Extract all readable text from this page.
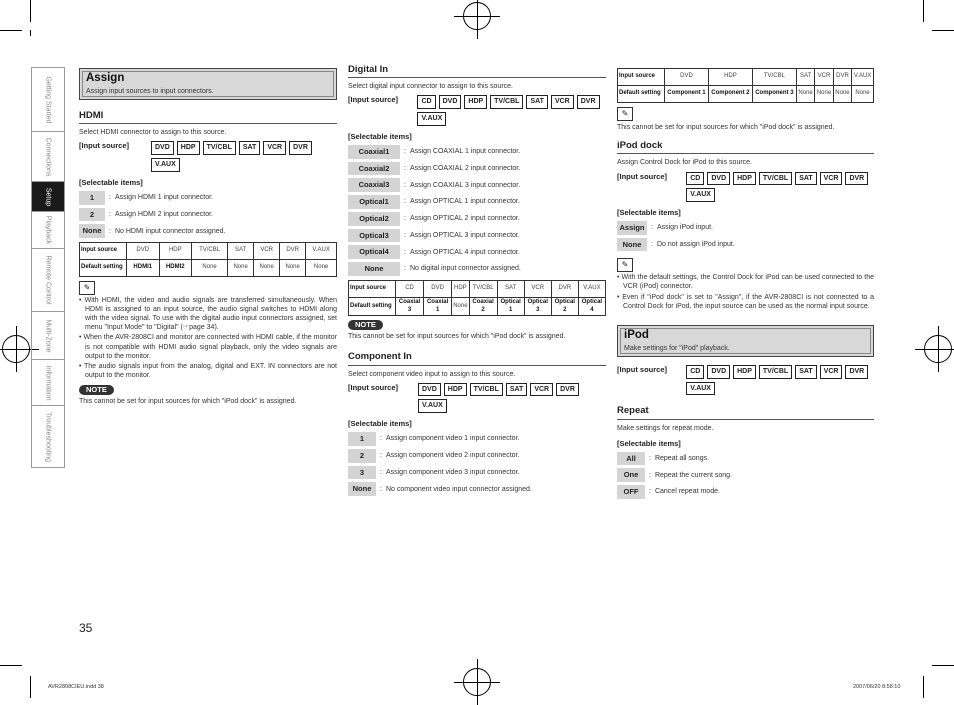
Getting Started
Connections
Setup
Playback
Remote Control
Multi-Zone
Information
Troubleshooting
Assign
Assign input sources to input connectors.
HDMI
Select HDMI connector to assign to this source.
[Input source]	DVD	HDP	TV/CBL	SAT	VCR	DVR
V.AUX
[Selectable items]
1	: Assign HDMI 1 input connector.
2	: Assign HDMI 2 input connector.
None	: No HDMI input connector assigned.
Input source	DVD	HDP	TV/CBL	SAT	VCR	DVR	V.AUX
Default setting	HDMI1	HDMI2	None	None	None	None	None
✎
• With HDMI, the video and audio signals are transferred simultaneously. When HDMI is assigned to an input source, the audio signal switches to HDMI along with the video signal. To use with the digital audio input connectors assigned, set menu "Input Mode" to "Digital" (☞page 34).
• When the AVR-2808CI and monitor are connected with HDMI cable, if the monitor is not compatible with HDMI audio signal playback, only the video signals are output to the monitor.
• The audio signals input from the analog, digital and EXT. IN connectors are not output to the monitor.
NOTE
This cannot be set for input sources for which "iPod dock" is assigned.
Digital In
Select digital input connector to assign to this source.
[Input source]	CD	DVD	HDP	TV/CBL	SAT	VCR	DVR
V.AUX
[Selectable items]
Coaxial1	: Assign COAXIAL 1 input connector.
Coaxial2	: Assign COAXIAL 2 input connector.
Coaxial3	: Assign COAXIAL 3 input connector.
Optical1	: Assign OPTICAL 1 input connector.
Optical2	: Assign OPTICAL 2 input connector.
Optical3	: Assign OPTICAL 3 input connector.
Optical4	: Assign OPTICAL 4 input connector.
None	: No digital input connector assigned.
Input source	CD	DVD	HDP	TV/CBL	SAT	VCR	DVR	V.AUX
Default setting	Coaxial 3	Coaxial 1	None	Coaxial 2	Optical 1	Optical 3	Optical 2	Optical 4
NOTE
This cannot be set for input sources for which "iPod dock" is assigned.
Component In
Select component video input to assign to this source.
[Input source]	DVD	HDP	TV/CBL	SAT	VCR	DVR
V.AUX
[Selectable items]
1	: Assign component video 1 input connector.
2	: Assign component video 2 input connector.
3	: Assign component video 3 input connector.
None	: No component video input connector assigned.
Input source	DVD	HDP	TV/CBL	SAT	VCR	DVR	V.AUX
Default setting	Component 1	Component 2	Component 3	None	None	None	None
✎
This cannot be set for input sources for which "iPod dock" is assigned.
iPod dock
Assign Control Dock for iPod to this source.
[Input source]	CD	DVD	HDP	TV/CBL	SAT	VCR	DVR
V.AUX
[Selectable items]
Assign : Assign iPod input.
None	: Do not assign iPod input.
✎
• With the default settings, the Control Dock for iPod can be used connected to the VCR (iPod) connector.
• Even if "iPod dock" is set to "Assign", if the AVR-2808CI is not connected to a Control Dock for iPod, the input source can be used as the normal input source.
iPod
Make settings for "iPod" playback.
[Input source]	CD	DVD	HDP	TV/CBL	SAT	VCR	DVR
V.AUX
Repeat
Make settings for repeat mode.
[Selectable items]
All	: Repeat all songs.
One	: Repeat the current song.
OFF	: Cancel repeat mode.
35
AVR2808CIEU.indd 38	2007/06/20 8:58:10
